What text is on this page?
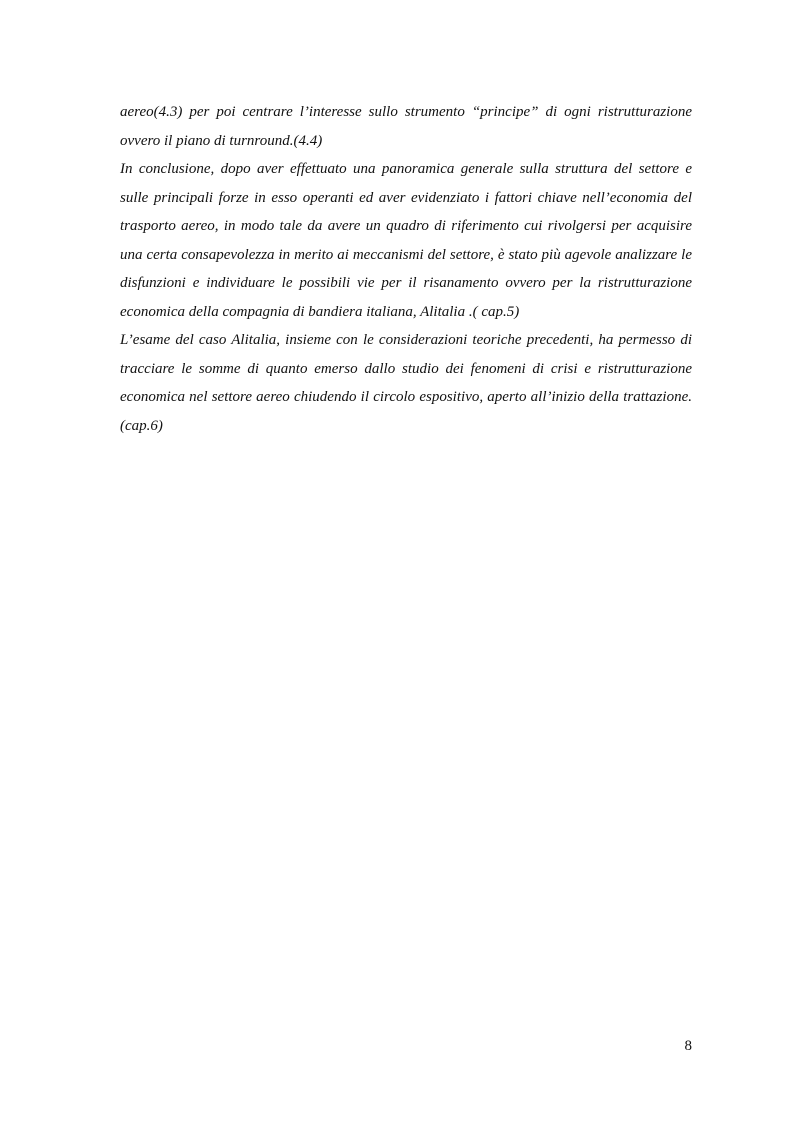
aereo(4.3) per poi centrare l’interesse sullo strumento “principe” di ogni ristrutturazione ovvero il piano di turnround.(4.4)

In conclusione, dopo aver effettuato una panoramica generale sulla struttura del settore e sulle principali forze in esso operanti ed aver evidenziato i fattori chiave nell’economia del trasporto aereo, in modo tale da avere un quadro di riferimento cui rivolgersi per acquisire una certa consapevolezza in merito ai meccanismi del settore, è stato più agevole analizzare le disfunzioni e individuare le possibili vie per il risanamento ovvero per la ristrutturazione economica della compagnia di bandiera italiana, Alitalia .( cap.5)

L’esame del caso Alitalia, insieme con le considerazioni teoriche precedenti, ha permesso di tracciare le somme di quanto emerso dallo studio dei fenomeni di crisi e ristrutturazione economica nel settore aereo chiudendo il circolo espositivo, aperto all’inizio della trattazione.(cap.6)

8
